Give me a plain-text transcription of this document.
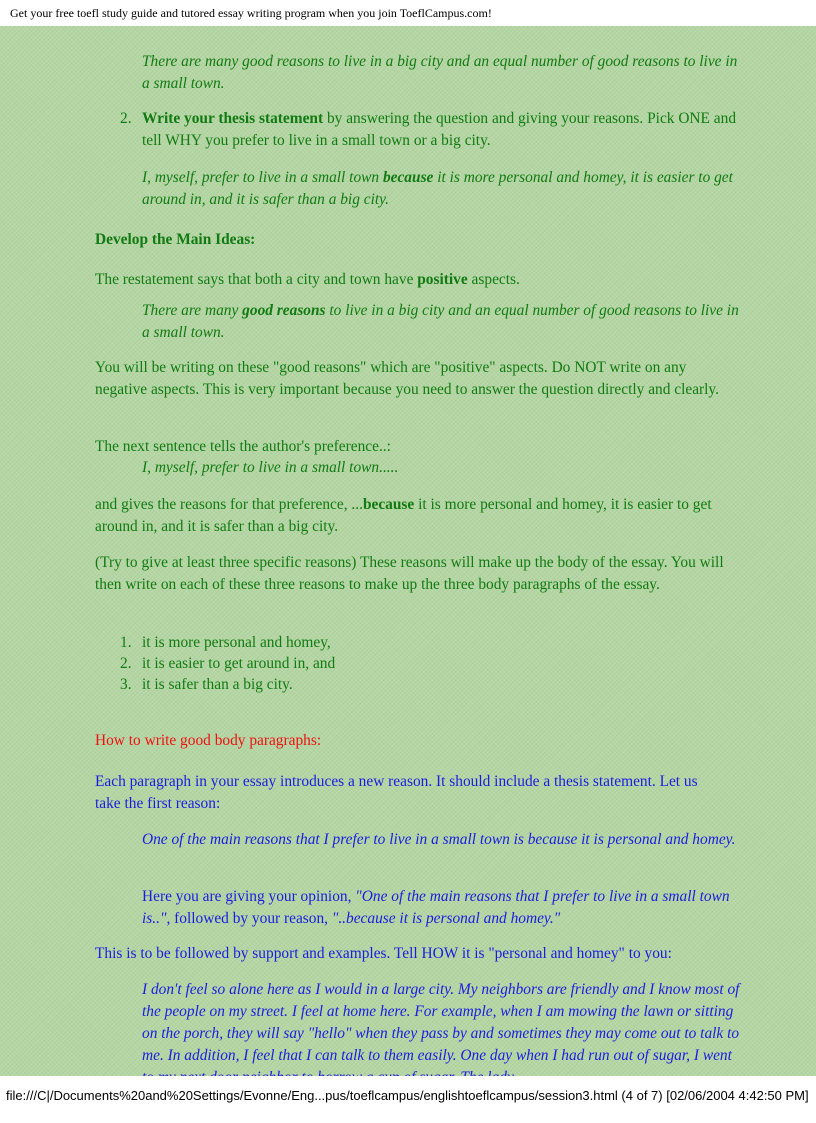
Get your free toefl study guide and tutored essay writing program when you join ToeflCampus.com!

There are many good reasons to live in a big city and an equal number of good reasons to live in a small town.

2. Write your thesis statement by answering the question and giving your reasons. Pick ONE and tell WHY you prefer to live in a small town or a big city.

I, myself, prefer to live in a small town because it is more personal and homey, it is easier to get around in, and it is safer than a big city.

Develop the Main Ideas:

The restatement says that both a city and town have positive aspects.

There are many good reasons to live in a big city and an equal number of good reasons to live in a small town.

You will be writing on these "good reasons" which are "positive" aspects. Do NOT write on any negative aspects. This is very important because you need to answer the question directly and clearly.

The next sentence tells the author's preference..:

I, myself, prefer to live in a small town.....

and gives the reasons for that preference, ...because it is more personal and homey, it is easier to get around in, and it is safer than a big city.

(Try to give at least three specific reasons) These reasons will make up the body of the essay. You will then write on each of these three reasons to make up the three body paragraphs of the essay.

1. it is more personal and homey,
2. it is easier to get around in, and
3. it is safer than a big city.

How to write good body paragraphs:

Each paragraph in your essay introduces a new reason. It should include a thesis statement. Let us take the first reason:

One of the main reasons that I prefer to live in a small town is because it is personal and homey.

Here you are giving your opinion, "One of the main reasons that I prefer to live in a small town is..", followed by your reason, "..because it is personal and homey."

This is to be followed by support and examples. Tell HOW it is "personal and homey" to you:

I don't feel so alone here as I would in a large city. My neighbors are friendly and I know most of the people on my street. I feel at home here. For example, when I am mowing the lawn or sitting on the porch, they will say "hello" when they pass by and sometimes they may come out to talk to me. In addition, I feel that I can talk to them easily. One day when I had run out of sugar, I went

file:///C|/Documents%20and%20Settings/Evonne/Eng...pus/toeflcampus/englishtoeflcampus/session3.html (4 of 7) [02/06/2004 4:42:50 PM]
